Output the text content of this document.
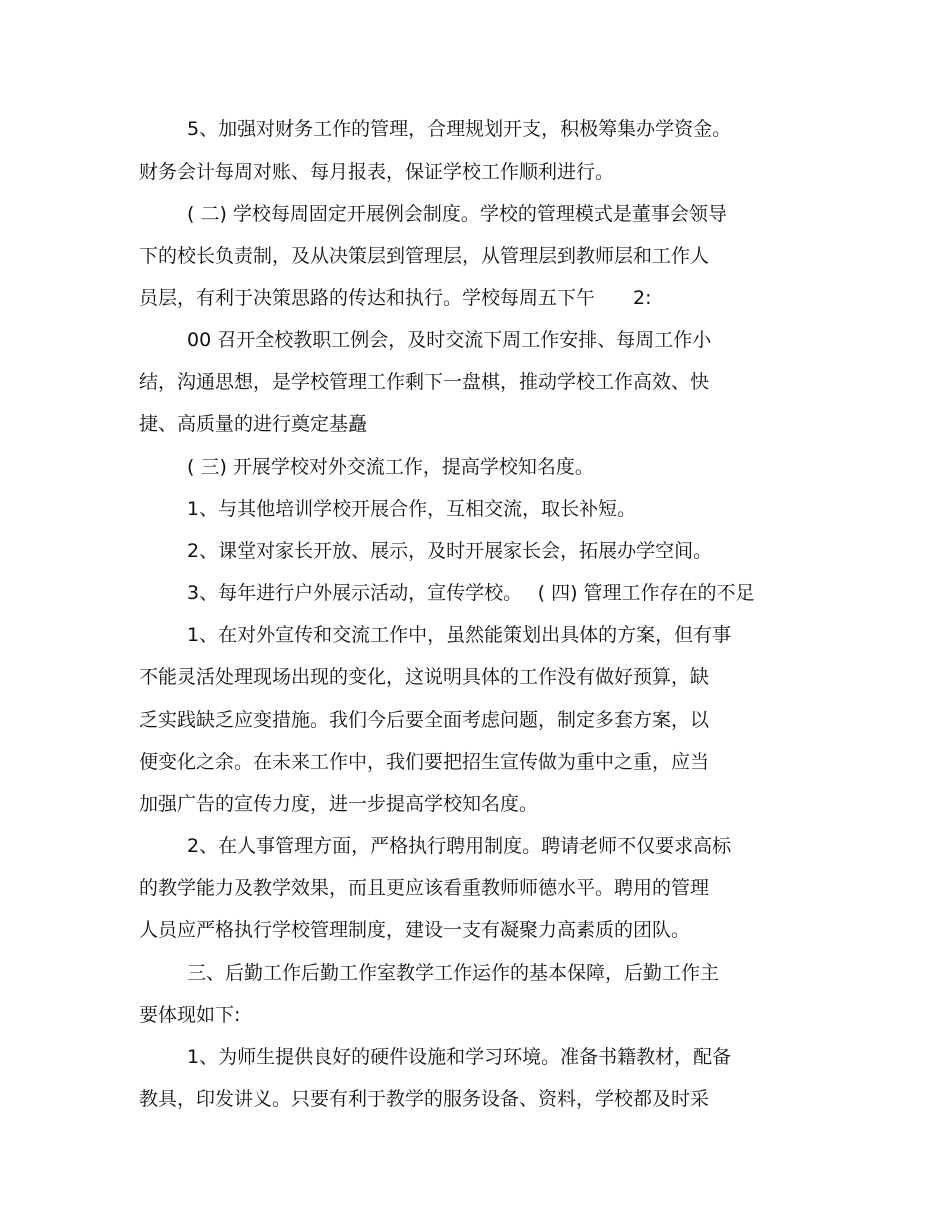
5、加强对财务工作的管理，合理规划开支，积极筹集办学资金。
财务会计每周对账、每月报表，保证学校工作顺利进行。
( 二) 学校每周固定开展例会制度。学校的管理模式是董事会领导
下的校长负责制，及从决策层到管理层，从管理层到教师层和工作人
员层，有利于决策思路的传达和执行。学校每周五下午　　2:
00 召开全校教职工例会，及时交流下周工作安排、每周工作小
结，沟通思想，是学校管理工作剩下一盘棋，推动学校工作高效、快
捷、高质量的进行奠定基矗
( 三) 开展学校对外交流工作，提高学校知名度。
1、与其他培训学校开展合作，互相交流，取长补短。
2、课堂对家长开放、展示，及时开展家长会，拓展办学空间。
3、每年进行户外展示活动，宣传学校。　 ( 四) 管理工作存在的不足
1、在对外宣传和交流工作中，虽然能策划出具体的方案，但有事
不能灵活处理现场出现的变化，这说明具体的工作没有做好预算，缺
乏实践缺乏应变措施。我们今后要全面考虑问题，制定多套方案，以
便变化之余。在未来工作中，我们要把招生宣传做为重中之重，应当
加强广告的宣传力度，进一步提高学校知名度。
2、在人事管理方面，严格执行聘用制度。聘请老师不仅要求高标
的教学能力及教学效果，而且更应该看重教师师德水平。聘用的管理
人员应严格执行学校管理制度，建设一支有凝聚力高素质的团队。
三、后勤工作后勤工作室教学工作运作的基本保障，后勤工作主
要体现如下:
1、为师生提供良好的硬件设施和学习环境。准备书籍教材，配备
教具，印发讲义。只要有利于教学的服务设备、资料，学校都及时采
